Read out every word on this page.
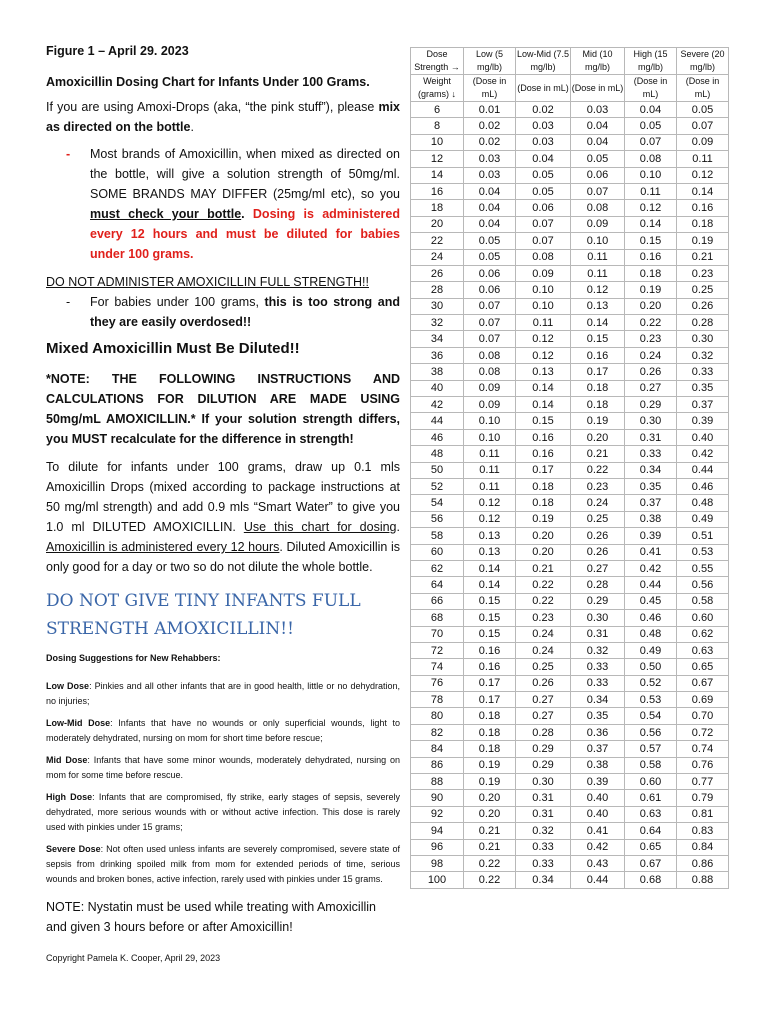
Figure 1 – April 29. 2023
Amoxicillin Dosing Chart for Infants Under 100 Grams.
If you are using Amoxi-Drops (aka, “the pink stuff”), please mix as directed on the bottle.
- Most brands of Amoxicillin, when mixed as directed on the bottle, will give a solution strength of 50mg/ml. SOME BRANDS MAY DIFFER (25mg/ml etc), so you must check your bottle. Dosing is administered every 12 hours and must be diluted for babies under 100 grams.
DO NOT ADMINISTER AMOXICILLIN FULL STRENGTH!!
- For babies under 100 grams, this is too strong and they are easily overdosed!!
Mixed Amoxicillin Must Be Diluted!!
*NOTE: THE FOLLOWING INSTRUCTIONS AND CALCULATIONS FOR DILUTION ARE MADE USING 50mg/mL AMOXICILLIN.* If your solution strength differs, you MUST recalculate for the difference in strength!
To dilute for infants under 100 grams, draw up 0.1 mls Amoxicillin Drops (mixed according to package instructions at 50 mg/ml strength) and add 0.9 mls “Smart Water” to give you 1.0 ml DILUTED AMOXICILLIN. Use this chart for dosing. Amoxicillin is administered every 12 hours. Diluted Amoxicillin is only good for a day or two so do not dilute the whole bottle.
DO NOT GIVE TINY INFANTS FULL STRENGTH AMOXICILLIN!!
Dosing Suggestions for New Rehabbers:
Low Dose: Pinkies and all other infants that are in good health, little or no dehydration, no injuries;
Low-Mid Dose: Infants that have no wounds or only superficial wounds, light to moderately dehydrated, nursing on mom for short time before rescue;
Mid Dose: Infants that have some minor wounds, moderately dehydrated, nursing on mom for some time before rescue.
High Dose: Infants that are compromised, fly strike, early stages of sepsis, severely dehydrated, more serious wounds with or without active infection. This dose is rarely used with pinkies under 15 grams;
Severe Dose: Not often used unless infants are severely compromised, severe state of sepsis from drinking spoiled milk from mom for extended periods of time, serious wounds and broken bones, active infection, rarely used with pinkies under 15 grams.
NOTE: Nystatin must be used while treating with Amoxicillin and given 3 hours before or after Amoxicillin!
Copyright Pamela K. Cooper, April 29, 2023
Dose Strength →	Low (5 mg/lb)	Low-Mid (7.5 mg/lb)	Mid (10 mg/lb)	High (15 mg/lb)	Severe (20 mg/lb)
Weight (grams) ↓	(Dose in mL)	(Dose in mL)	(Dose in mL)	(Dose in mL)	(Dose in mL)
6	0.01	0.02	0.03	0.04	0.05
8	0.02	0.03	0.04	0.05	0.07
10	0.02	0.03	0.04	0.07	0.09
12	0.03	0.04	0.05	0.08	0.11
14	0.03	0.05	0.06	0.10	0.12
16	0.04	0.05	0.07	0.11	0.14
18	0.04	0.06	0.08	0.12	0.16
20	0.04	0.07	0.09	0.14	0.18
22	0.05	0.07	0.10	0.15	0.19
24	0.05	0.08	0.11	0.16	0.21
26	0.06	0.09	0.11	0.18	0.23
28	0.06	0.10	0.12	0.19	0.25
30	0.07	0.10	0.13	0.20	0.26
32	0.07	0.11	0.14	0.22	0.28
34	0.07	0.12	0.15	0.23	0.30
36	0.08	0.12	0.16	0.24	0.32
38	0.08	0.13	0.17	0.26	0.33
40	0.09	0.14	0.18	0.27	0.35
42	0.09	0.14	0.18	0.29	0.37
44	0.10	0.15	0.19	0.30	0.39
46	0.10	0.16	0.20	0.31	0.40
48	0.11	0.16	0.21	0.33	0.42
50	0.11	0.17	0.22	0.34	0.44
52	0.11	0.18	0.23	0.35	0.46
54	0.12	0.18	0.24	0.37	0.48
56	0.12	0.19	0.25	0.38	0.49
58	0.13	0.20	0.26	0.39	0.51
60	0.13	0.20	0.26	0.41	0.53
62	0.14	0.21	0.27	0.42	0.55
64	0.14	0.22	0.28	0.44	0.56
66	0.15	0.22	0.29	0.45	0.58
68	0.15	0.23	0.30	0.46	0.60
70	0.15	0.24	0.31	0.48	0.62
72	0.16	0.24	0.32	0.49	0.63
74	0.16	0.25	0.33	0.50	0.65
76	0.17	0.26	0.33	0.52	0.67
78	0.17	0.27	0.34	0.53	0.69
80	0.18	0.27	0.35	0.54	0.70
82	0.18	0.28	0.36	0.56	0.72
84	0.18	0.29	0.37	0.57	0.74
86	0.19	0.29	0.38	0.58	0.76
88	0.19	0.30	0.39	0.60	0.77
90	0.20	0.31	0.40	0.61	0.79
92	0.20	0.31	0.40	0.63	0.81
94	0.21	0.32	0.41	0.64	0.83
96	0.21	0.33	0.42	0.65	0.84
98	0.22	0.33	0.43	0.67	0.86
100	0.22	0.34	0.44	0.68	0.88
